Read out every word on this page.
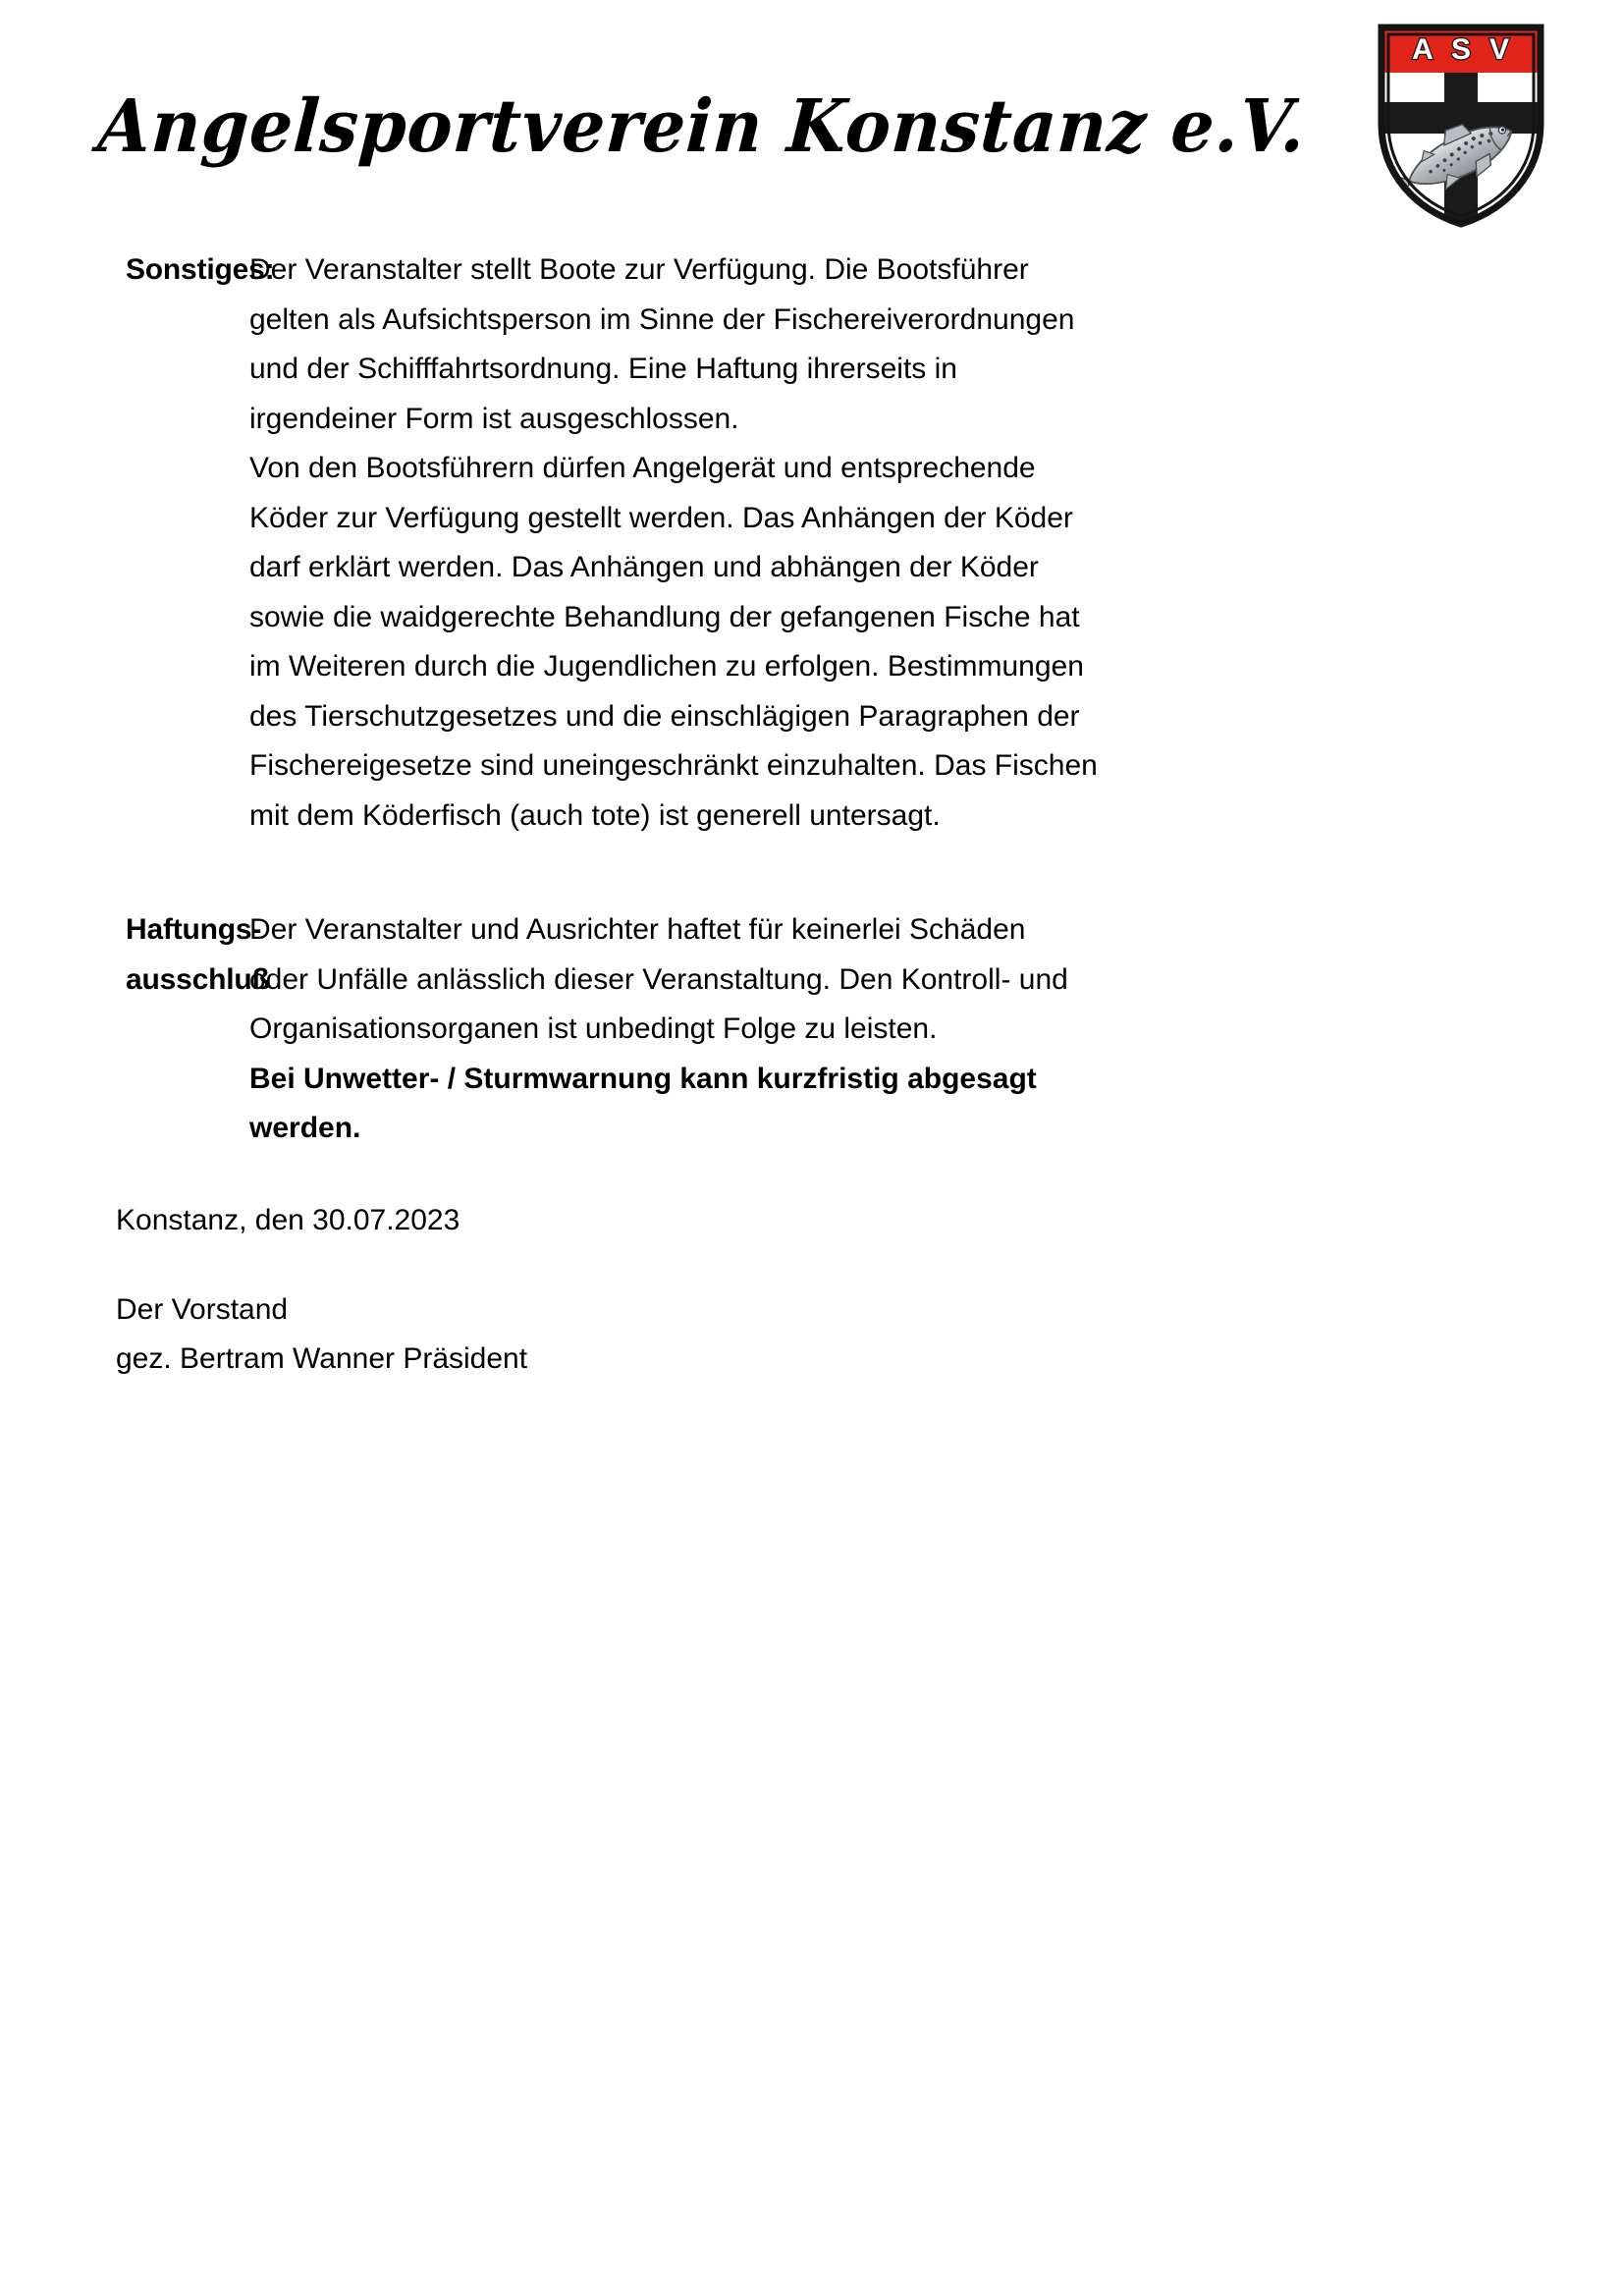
Angelsportverein Konstanz e.V.
A S V
Sonstiges:

Der Veranstalter stellt Boote zur Verfügung. Die Bootsführer
gelten als Aufsichtsperson im Sinne der Fischereiverordnungen
und der Schifffahrtsordnung. Eine Haftung ihrerseits in
irgendeiner Form ist ausgeschlossen.

Von den Bootsführern dürfen Angelgerät und entsprechende
Köder zur Verfügung gestellt werden. Das Anhängen der Köder
darf erklärt werden. Das Anhängen und abhängen der Köder
sowie die waidgerechte Behandlung der gefangenen Fische hat
im Weiteren durch die Jugendlichen zu erfolgen. Bestimmungen
des Tierschutzgesetzes und die einschlägigen Paragraphen der
Fischereigesetze sind uneingeschränkt einzuhalten. Das Fischen
mit dem Köderfisch (auch tote) ist generell untersagt.

Haftungs-
ausschluß

Der Veranstalter und Ausrichter haftet für keinerlei Schäden
oder Unfälle anlässlich dieser Veranstaltung. Den Kontroll- und
Organisationsorganen ist unbedingt Folge zu leisten.

Bei Unwetter- / Sturmwarnung kann kurzfristig abgesagt
werden.

Konstanz, den 30.07.2023
Der Vorstand
gez. Bertram Wanner Präsident
